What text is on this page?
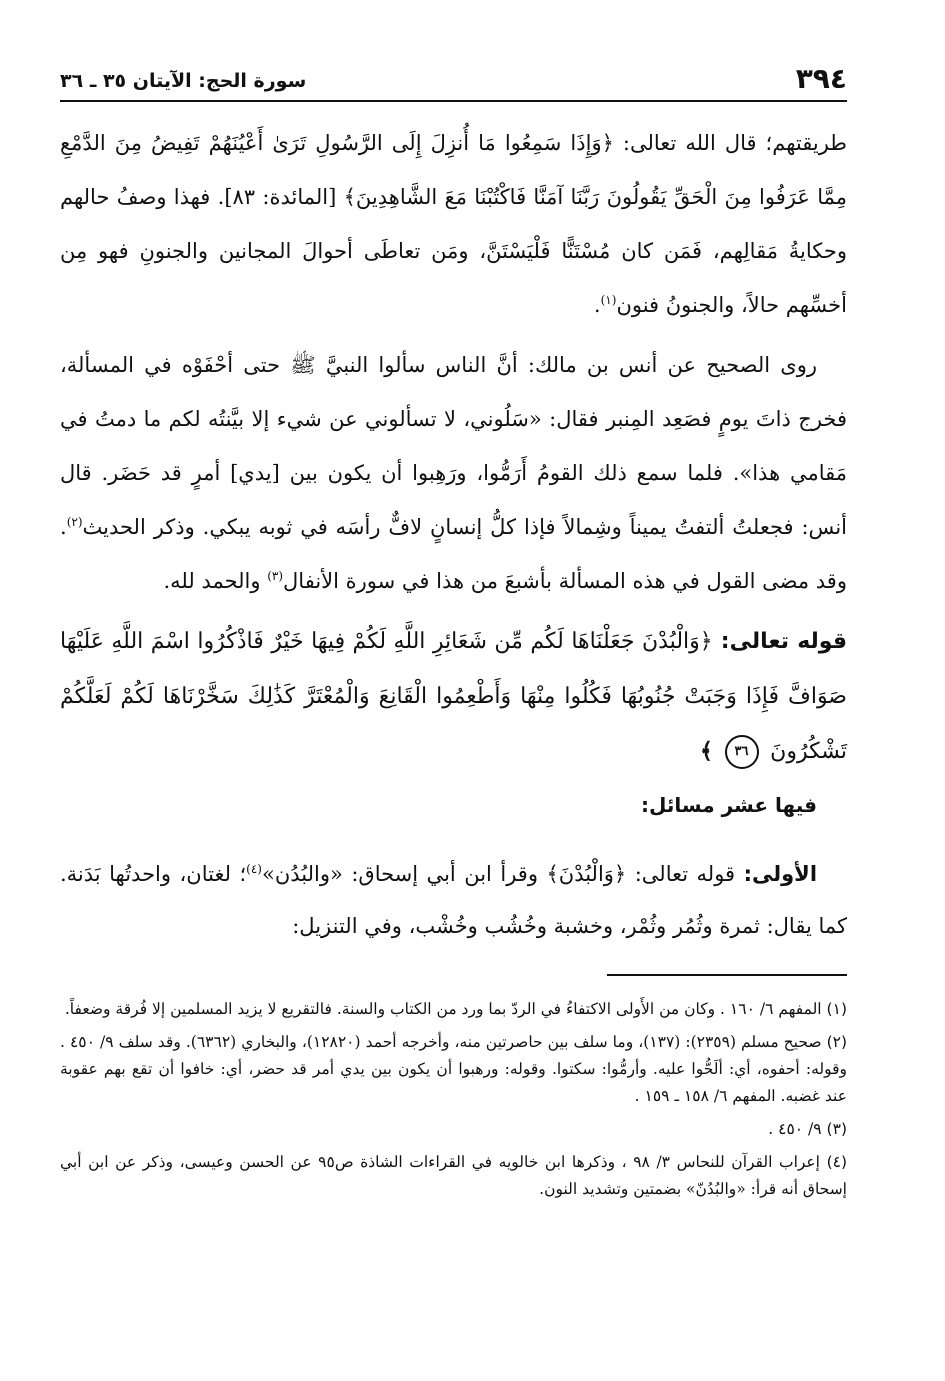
٣٩٤
سورة الحج: الآيتان ٣٥ ـ ٣٦

طريقتهم؛ قال الله تعالى: ﴿وَإِذَا سَمِعُوا مَا أُنزِلَ إِلَى الرَّسُولِ تَرَىٰ أَعْيُنَهُمْ تَفِيضُ مِنَ الدَّمْعِ مِمَّا عَرَفُوا مِنَ الْحَقِّ يَقُولُونَ رَبَّنَا آمَنَّا فَاكْتُبْنَا مَعَ الشَّاهِدِينَ﴾ [المائدة: ٨٣]. فهذا وصفُ حالهم وحكايةُ مَقالِهم، فَمَن كان مُسْتَنًّا فَلْيَسْتَنَّ، ومَن تعاطَى أحوالَ المجانين والجنونِ فهو مِن أخسِّهم حالاً، والجنونُ فنون$^{(١)}$.

روى الصحيح عن أنس بن مالك: أنَّ الناس سألوا النبيَّ ﷺ حتى أحْفَوْه في المسألة، فخرج ذاتَ يومٍ فصَعِد المِنبر فقال: «سَلُوني، لا تسألوني عن شيء إلا بيَّنتُه لكم ما دمتُ في مَقامي هذا». فلما سمع ذلك القومُ أَرَمُّوا، ورَهِبوا أن يكون بين [يدي] أمرٍ قد حَضَر. قال أنس: فجعلتُ ألتفتُ يميناً وشِمالاً فإذا كلُّ إنسانٍ لافٌّ رأسَه في ثوبه يبكي. وذكر الحديث$^{(٢)}$. وقد مضى القول في هذه المسألة بأشبعَ من هذا في سورة الأنفال$^{(٣)}$ والحمد لله.

قوله تعالى: ﴿وَالْبُدْنَ جَعَلْنَاهَا لَكُم مِّن شَعَائِرِ اللَّهِ لَكُمْ فِيهَا خَيْرٌ فَاذْكُرُوا اسْمَ اللَّهِ عَلَيْهَا صَوَافَّ فَإِذَا وَجَبَتْ جُنُوبُهَا فَكُلُوا مِنْهَا وَأَطْعِمُوا الْقَانِعَ وَالْمُعْتَرَّ كَذَٰلِكَ سَخَّرْنَاهَا لَكُمْ لَعَلَّكُمْ تَشْكُرُونَ ٣٦ ﴾
فيها عشر مسائل:

الأولى: قوله تعالى: ﴿وَالْبُدْنَ﴾ وقرأ ابن أبي إسحاق: «والبُدُن»$^{(٤)}$؛ لغتان، واحدتُها بَدَنة. كما يقال: ثمرة وثُمُر وثُمْر، وخشبة وخُشُب وخُشْب، وفي التنزيل:

(١) المفهم ٦/ ١٦٠ . وكان من الأَولى الاكتفاءُ في الردّ بما ورد من الكتاب والسنة. فالتقريع لا يزيد المسلمين إلا فُرقة وضعفاً.

(٢) صحيح مسلم (٢٣٥٩): (١٣٧)، وما سلف بين حاصرتين منه، وأخرجه أحمد (١٢٨٢٠)، والبخاري (٦٣٦٢). وقد سلف ٩/ ٤٥٠ . وقوله: أحفوه، أي: ألَحُّوا عليه. وأرمُّوا: سكتوا. وقوله: ورهبوا أن يكون بين يدي أمر قد حضر، أي: خافوا أن تقع بهم عقوبة عند غضبه. المفهم ٦/ ١٥٨ ـ ١٥٩ .

(٣) ٩/ ٤٥٠ .

(٤) إعراب القرآن للنحاس ٣/ ٩٨ ، وذكرها ابن خالويه في القراءات الشاذة ص٩٥ عن الحسن وعيسى، وذكر عن ابن أبي إسحاق أنه قرأ: «والبُدُنّ» بضمتين وتشديد النون.
